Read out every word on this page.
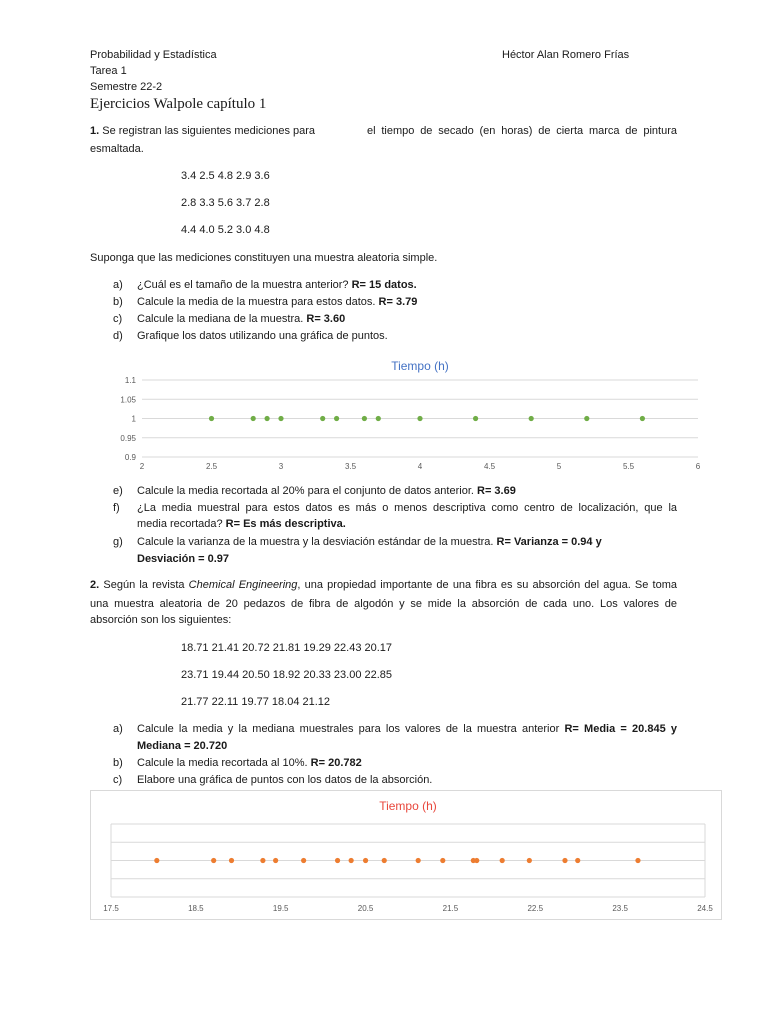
Probabilidad y Estadística
Tarea 1
Semestre 22-2
Héctor Alan Romero Frías
Ejercicios Walpole capítulo 1
1. Se registran las siguientes mediciones para	el tiempo de secado (en horas) de cierta marca de pintura
esmaltada.
3.4 2.5 4.8 2.9 3.6
2.8 3.3 5.6 3.7 2.8
4.4 4.0 5.2 3.0 4.8
Suponga que las mediciones constituyen una muestra aleatoria simple.
a) ¿Cuál es el tamaño de la muestra anterior? R= 15 datos.
b) Calcule la media de la muestra para estos datos. R= 3.79
c) Calcule la mediana de la muestra. R= 3.60
d) Grafique los datos utilizando una gráfica de puntos.
Tiempo (h)
0.9
0.95
1
1.05
1.1
2	2.5	3	3.5	4	4.5	5	5.5	6
e) Calcule la media recortada al 20% para el conjunto de datos anterior. R= 3.69
f)	¿La media muestral para estos datos es más o menos descriptiva como centro de localización, que la
media recortada? R= Es más descriptiva.
g) Calcule la varianza de la muestra y la desviación estándar de la muestra. R= Varianza = 0.94 y
Desviación = 0.97
2. Según la revista Chemical Engineering, una propiedad importante de una fibra es su absorción del agua. Se toma
una muestra aleatoria de 20 pedazos de fibra de algodón y se mide la absorción de cada uno. Los valores de
absorción son los siguientes:
18.71 21.41 20.72 21.81 19.29 22.43 20.17
23.71 19.44 20.50 18.92 20.33 23.00 22.85
21.77 22.11 19.77 18.04 21.12
a)	Calcule la media y la mediana muestrales para los valores de la muestra anterior R= Media = 20.845 y
Mediana = 20.720
b) Calcule la media recortada al 10%. R= 20.782
c) Elabore una gráfica de puntos con los datos de la absorción.
Tiempo (h)
17.5	18.5	19.5	20.5	21.5	22.5	23.5	24.5
